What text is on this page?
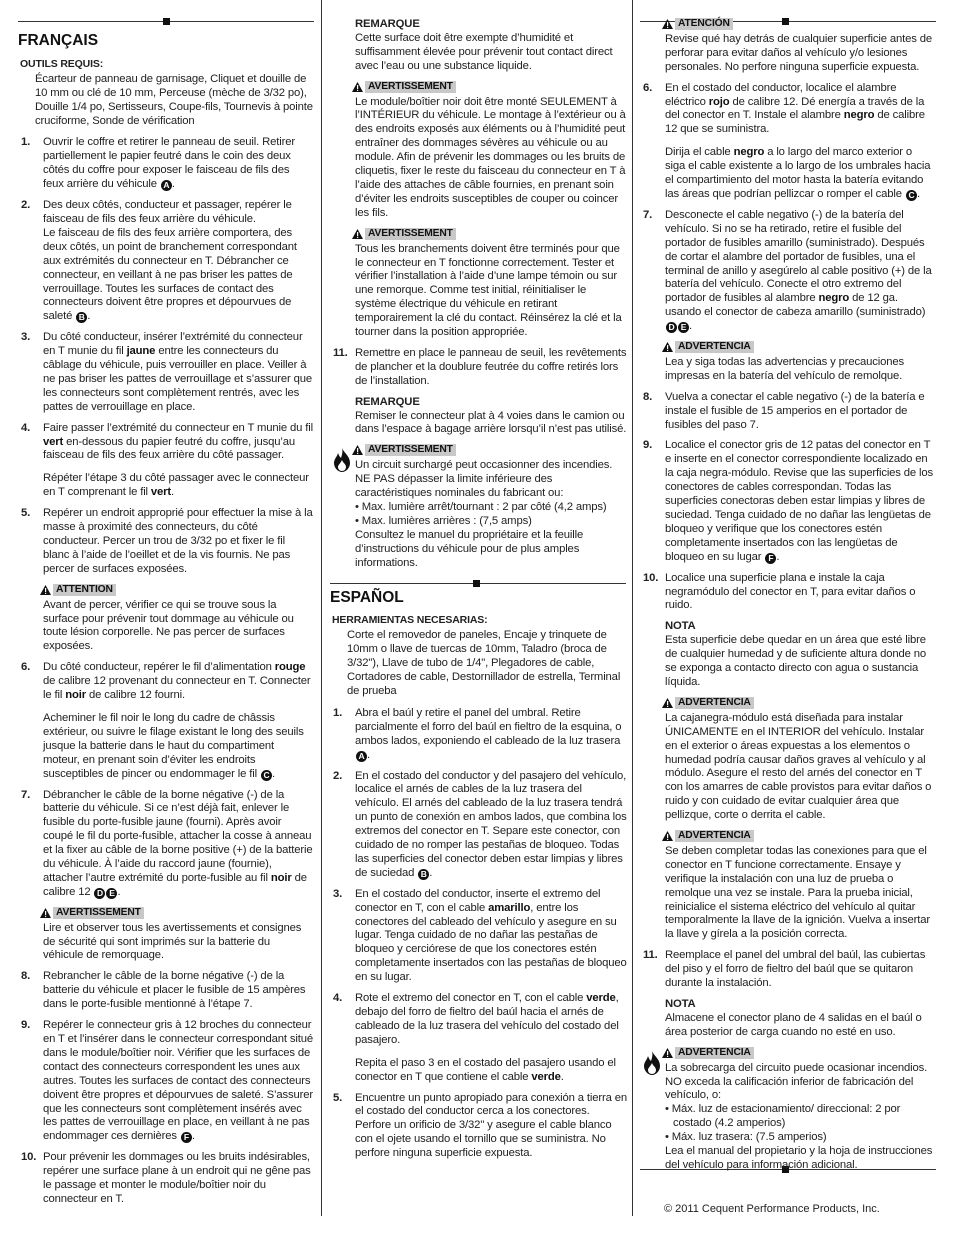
FRANÇAIS
OUTILS REQUIS:
Écarteur de panneau de garnisage, Cliquet et douille de 10 mm ou clé de 10 mm, Perceuse (mèche de 3/32 po), Douille 1/4 po, Sertisseurs, Coupe-fils, Tournevis à pointe cruciforme, Sonde de vérification
1. Ouvrir le coffre et retirer le panneau de seuil. Retirer partiellement le papier feutré dans le coin des deux côtés du coffre pour exposer le faisceau de fils des feux arrière du véhicule A .
2. Des deux côtés, conducteur et passager, repérer le faisceau de fils des feux arrière du véhicule.
Le faisceau de fils des feux arrière comportera, des deux côtés, un point de branchement correspondant aux extrémités du connecteur en T. Débrancher ce connecteur, en veillant à ne pas briser les pattes de verrouillage. Toutes les surfaces de contact des connecteurs doivent être propres et dépourvues de saleté B .
3. Du côté conducteur, insérer l’extrémité du connecteur en T munie du fil jaune entre les connecteurs du câblage du véhicule, puis verrouiller en place. Veiller à ne pas briser les pattes de verrouillage et s’assurer que les connecteurs sont complètement rentrés, avec les pattes de verrouillage en place.
4. Faire passer l’extrémité du connecteur en T munie du fil vert en-dessous du papier feutré du coffre, jusqu’au faisceau de fils des feux arrière du côté passager.

Répéter l’étape 3 du côté passager avec le connecteur en T comprenant le fil vert.

5. Repérer un endroit approprié pour effectuer la mise à la masse à proximité des connecteurs, du côté conducteur. Percer un trou de 3/32 po et fixer le fil blanc à l’aide de l’oeillet et de la vis fournis. Ne pas percer de surfaces exposées.
ATTENTION
Avant de percer, vérifier ce qui se trouve sous la surface pour prévenir tout dommage au véhicule ou toute lésion corporelle. Ne pas percer de surfaces exposées.
6. Du côté conducteur, repérer le fil d’alimentation rouge de calibre 12 provenant du connecteur en T. Connecter le fil noir de calibre 12 fourni.

Acheminer le fil noir le long du cadre de châssis extérieur, ou suivre le filage existant le long des seuils jusque la batterie dans le haut du compartiment moteur, en prenant soin d’éviter les endroits susceptibles de pincer ou endommager le fil C .

7. Débrancher le câble de la borne négative (-) de la batterie du véhicule. Si ce n’est déjà fait, enlever le fusible du porte-fusible jaune (fourni). Après avoir coupé le fil du porte-fusible, attacher la cosse à anneau et la fixer au câble de la borne positive (+) de la batterie du véhicule. À l’aide du raccord jaune (fournie), attacher l’autre extrémité du porte-fusible au fil noir de calibre 12 D E .
AVERTISSEMENT
Lire et observer tous les avertissements et consignes de sécurité qui sont imprimés sur la batterie du véhicule de remorquage.
8. Rebrancher le câble de la borne négative (-) de la batterie du véhicule et placer le fusible de 15 ampères dans le porte-fusible mentionné à l’étape 7.
9. Repérer le connecteur gris à 12 broches du connecteur en T et l’insérer dans le connecteur correspondant situé dans le module/boîtier noir. Vérifier que les surfaces de contact des connecteurs correspondent les unes aux autres. Toutes les surfaces de contact des connecteurs doivent être propres et dépourvues de saleté. S’assurer que les connecteurs sont complètement insérés avec les pattes de verrouillage en place, en veillant à ne pas endommager ces dernières F .
10. Pour prévenir les dommages ou les bruits indésirables, repérer une surface plane à un endroit qui ne gêne pas le passage et monter le module/boîtier noir du connecteur en T.
REMARQUE
Cette surface doit être exempte d’humidité et suffisamment élevée pour prévenir tout contact direct avec l’eau ou une substance liquide.
AVERTISSEMENT
Le module/boîtier noir doit être monté SEULEMENT à l’INTÉRIEUR du véhicule. Le montage à l’extérieur ou à des endroits exposés aux éléments ou à l’humidité peut entraîner des dommages sévères au véhicule ou au module. Afin de prévenir les dommages ou les bruits de cliquetis, fixer le reste du faisceau du connecteur en T à l’aide des attaches de câble fournies, en prenant soin d’éviter les endroits susceptibles de couper ou coincer les fils.
AVERTISSEMENT
Tous les branchements doivent être terminés pour que le connecteur en T fonctionne correctement. Tester et vérifier l’installation à l’aide d’une lampe témoin ou sur une remorque. Comme test initial, réinitialiser le système électrique du véhicule en retirant temporairement la clé du contact. Réinsérez la clé et la tourner dans la position appropriée.
11. Remettre en place le panneau de seuil, les revêtements de plancher et la doublure feutrée du coffre retirés lors de l’installation.
REMARQUE
Remiser le connecteur plat à 4 voies dans le camion ou dans l’espace à bagage arrière lorsqu’il n’est pas utilisé.
AVERTISSEMENT
Un circuit surchargé peut occasionner des incendies. NE PAS dépasser la limite inférieure des caractéristiques nominales du fabricant ou:
• Max. lumière arrêt/tournant : 2 par côté (4,2 amps)
• Max. lumières arrières : (7,5 amps)
Consultez le manuel du propriétaire et la feuille d’instructions du véhicule pour de plus amples informations.
ESPAÑOL
HERRAMIENTAS NECESARIAS:
Corte el removedor de paneles, Encaje y trinquete de 10mm o llave de tuercas de 10mm, Taladro (broca de 3/32"), Llave de tubo de 1/4", Plegadores de cable, Cortadores de cable, Destornillador de estrella, Terminal de prueba
1. Abra el baúl y retire el panel del umbral. Retire parcialmente el forro del baúl en fieltro de la esquina, o ambos lados, exponiendo el cableado de la luz trasera A .
2. En el costado del conductor y del pasajero del vehículo, localice el arnés de cables de la luz trasera del vehículo. El arnés del cableado de la luz trasera tendrá un punto de conexión en ambos lados, que combina los extremos del conector en T. Separe este conector, con cuidado de no romper las pestañas de bloqueo. Todas las superficies del conector deben estar limpias y libres de suciedad B .
3. En el costado del conductor, inserte el extremo del conector en T, con el cable amarillo, entre los conectores del cableado del vehículo y asegure en su lugar. Tenga cuidado de no dañar las pestañas de bloqueo y cerciórese de que los conectores estén completamente insertados con las pestañas de bloqueo en su lugar.
4. Rote el extremo del conector en T, con el cable verde, debajo del forro de fieltro del baúl hacia el arnés de cableado de la luz trasera del vehículo del costado del pasajero.

Repita el paso 3 en el costado del pasajero usando el conector en T que contiene el cable verde.

5. Encuentre un punto apropiado para conexión a tierra en el costado del conductor cerca a los conectores. Perfore un orificio de 3/32" y asegure el cable blanco con el ojete usando el tornillo que se suministra. No perfore ninguna superficie expuesta.
ATENCIÓN
Revise qué hay detrás de cualquier superficie antes de perforar para evitar daños al vehículo y/o lesiones personales. No perfore ninguna superficie expuesta.
6. En el costado del conductor, localice el alambre eléctrico rojo de calibre 12. Dé energía a través de la del conector en T. Instale el alambre negro de calibre 12 que se suministra.

Dirija el cable negro a lo largo del marco exterior o siga el cable existente a lo largo de los umbrales hacia el compartimiento del motor hasta la batería evitando las áreas que podrían pellizcar o romper el cable C .

7. Desconecte el cable negativo (-) de la batería del vehículo. Si no se ha retirado, retire el fusible del portador de fusibles amarillo (suministrado). Después de cortar el alambre del portador de fusibles, una el terminal de anillo y asegúrelo al cable positivo (+) de la batería del vehículo. Conecte el otro extremo del portador de fusibles al alambre negro de 12 ga. usando el conector de cabeza amarillo (suministrado) D E .
ADVERTENCIA
Lea y siga todas las advertencias y precauciones impresas en la batería del vehículo de remolque.
8. Vuelva a conectar el cable negativo (-) de la batería e instale el fusible de 15 amperios en el portador de fusibles del paso 7.
9. Localice el conector gris de 12 patas del conector en T e inserte en el conector correspondiente localizado en la caja negra-módulo. Revise que las superficies de los conectores de cables correspondan. Todas las superficies conectoras deben estar limpias y libres de suciedad. Tenga cuidado de no dañar las lengüetas de bloqueo y verifique que los conectores estén completamente insertados con las lengüetas de bloqueo en su lugar F .
10. Localice una superficie plana e instale la caja negramódulo del conector en T, para evitar daños o ruido.
NOTA
Esta superficie debe quedar en un área que esté libre de cualquier humedad y de suficiente altura donde no se exponga a contacto directo con agua o sustancia líquida.
ADVERTENCIA
La cajanegra-módulo está diseñada para instalar ÚNICAMENTE en el INTERIOR del vehículo. Instalar en el exterior o áreas expuestas a los elementos o humedad podría causar daños graves al vehículo y al módulo. Asegure el resto del arnés del conector en T con los amarres de cable provistos para evitar daños o ruido y con cuidado de evitar cualquier área que pellizque, corte o derrita el cable.
ADVERTENCIA
Se deben completar todas las conexiones para que el conector en T funcione correctamente. Ensaye y verifique la instalación con una luz de prueba o remolque una vez se instale. Para la prueba inicial, reinicialice el sistema eléctrico del vehículo al quitar temporalmente la llave de la ignición. Vuelva a insertar la llave y gírela a la posición correcta.
11. Reemplace el panel del umbral del baúl, las cubiertas del piso y el forro de fieltro del baúl que se quitaron durante la instalación.
NOTA
Almacene el conector plano de 4 salidas en el baúl o área posterior de carga cuando no esté en uso.
ADVERTENCIA
La sobrecarga del circuito puede ocasionar incendios. NO exceda la calificación inferior de fabricación del vehículo, o:
• Máx. luz de estacionamiento/ direccional: 2 por costado (4.2 amperios)
• Máx. luz trasera: (7.5 amperios)
Lea el manual del propietario y la hoja de instrucciones del vehículo para información adicional.
© 2011 Cequent Performance Products, Inc.
